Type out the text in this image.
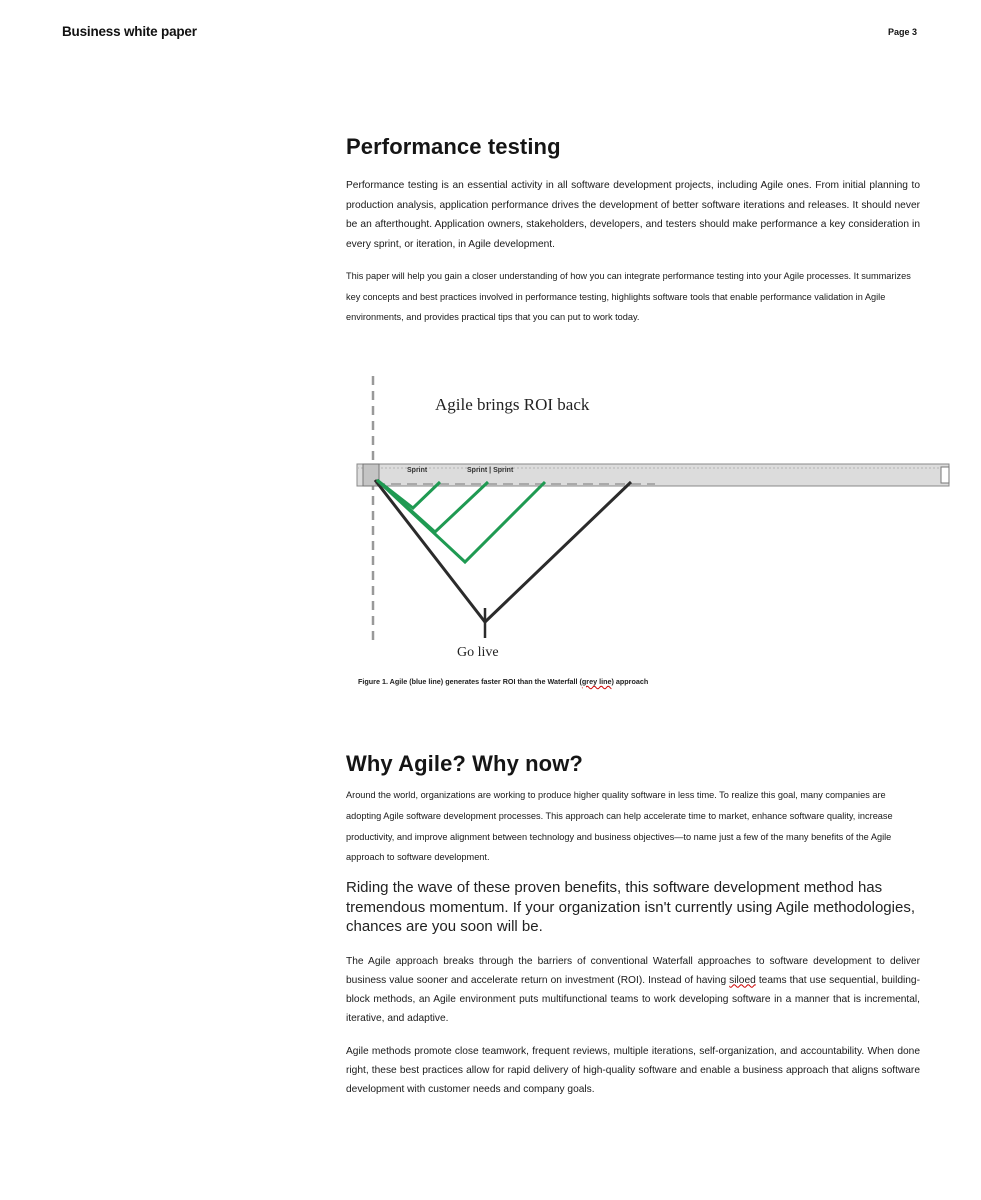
Business white paper	Page 3
Performance testing

Performance testing is an essential activity in all software development projects, including Agile ones. From initial planning to production analysis, application performance drives the development of better software iterations and releases. It should never be an afterthought. Application owners, stakeholders, developers, and testers should make performance a key consideration in every sprint, or iteration, in Agile development.

This paper will help you gain a closer understanding of how you can integrate performance testing into your Agile processes. It summarizes key concepts and best practices involved in performance testing, highlights software tools that enable performance validation in Agile environments, and provides practical tips that you can put to work today.

Sprint	Sprint | Sprint
Agile brings ROI back
Go live
Figure 1. Agile (blue line) generates faster ROI than the Waterfall (grey line) approach
Why Agile? Why now?

Around the world, organizations are working to produce higher quality software in less time. To realize this goal, many companies are adopting Agile software development processes. This approach can help accelerate time to market, enhance software quality, increase productivity, and improve alignment between technology and business objectives—to name just a few of the many benefits of the Agile approach to software development.

Riding the wave of these proven benefits, this software development method has tremendous momentum. If your organization isn't currently using Agile methodologies, chances are you soon will be.

The Agile approach breaks through the barriers of conventional Waterfall approaches to software development to deliver business value sooner and accelerate return on investment (ROI). Instead of having siloed teams that use sequential, building-block methods, an Agile environment puts multifunctional teams to work developing software in a manner that is incremental, iterative, and adaptive.

Agile methods promote close teamwork, frequent reviews, multiple iterations, self-organization, and accountability. When done right, these best practices allow for rapid delivery of high-quality software and enable a business approach that aligns software development with customer needs and company goals.
